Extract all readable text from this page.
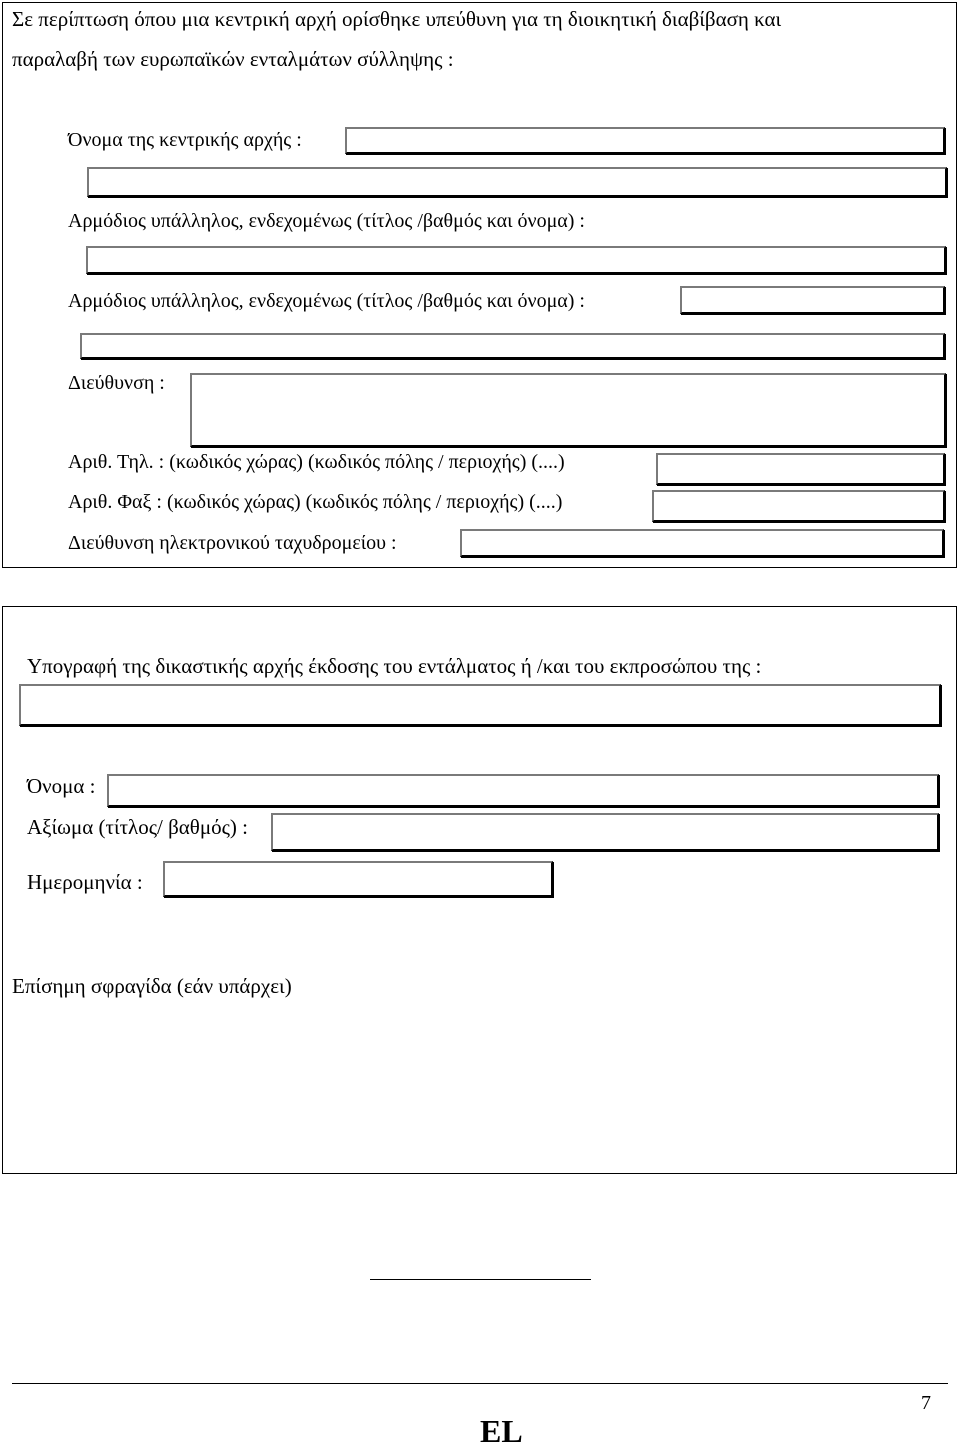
Σε περίπτωση όπου μια κεντρική αρχή ορίσθηκε υπεύθυνη για τη διοικητική διαβίβαση και
παραλαβή των ευρωπαϊκών ενταλμάτων σύλληψης :
Όνομα της κεντρικής αρχής :
Αρμόδιος υπάλληλος, ενδεχομένως (τίτλος /βαθμός και όνομα) :
Αρμόδιος υπάλληλος, ενδεχομένως (τίτλος /βαθμός και όνομα) :
Διεύθυνση :
Αριθ. Τηλ. : (κωδικός χώρας) (κωδικός πόλης / περιοχής) (....)
Αριθ. Φαξ : (κωδικός χώρας) (κωδικός πόλης / περιοχής) (....)
Διεύθυνση ηλεκτρονικού ταχυδρομείου :
Υπογραφή της δικαστικής αρχής έκδοσης του εντάλματος ή /και του εκπροσώπου της :
Όνομα :
Αξίωμα (τίτλος/ βαθμός) :
Ημερομηνία :
Επίσημη σφραγίδα (εάν υπάρχει)
7
EL
